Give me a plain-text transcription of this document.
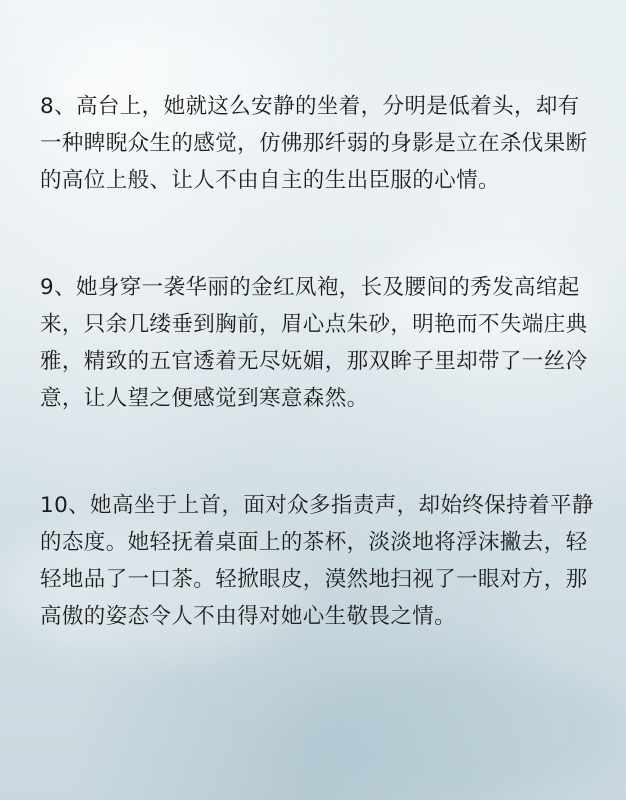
8、高台上，她就这么安静的坐着，分明是低着头，却有一种睥睨众生的感觉，仿佛那纤弱的身影是立在杀伐果断的高位上般、让人不由自主的生出臣服的心情。

9、她身穿一袭华丽的金红凤袍，长及腰间的秀发高绾起来，只余几缕垂到胸前，眉心点朱砂，明艳而不失端庄典雅，精致的五官透着无尽妩媚，那双眸子里却带了一丝冷意，让人望之便感觉到寒意森然。

10、她高坐于上首，面对众多指责声，却始终保持着平静的态度。她轻抚着桌面上的茶杯，淡淡地将浮沫撇去，轻轻地品了一口茶。轻掀眼皮，漠然地扫视了一眼对方，那高傲的姿态令人不由得对她心生敬畏之情。
